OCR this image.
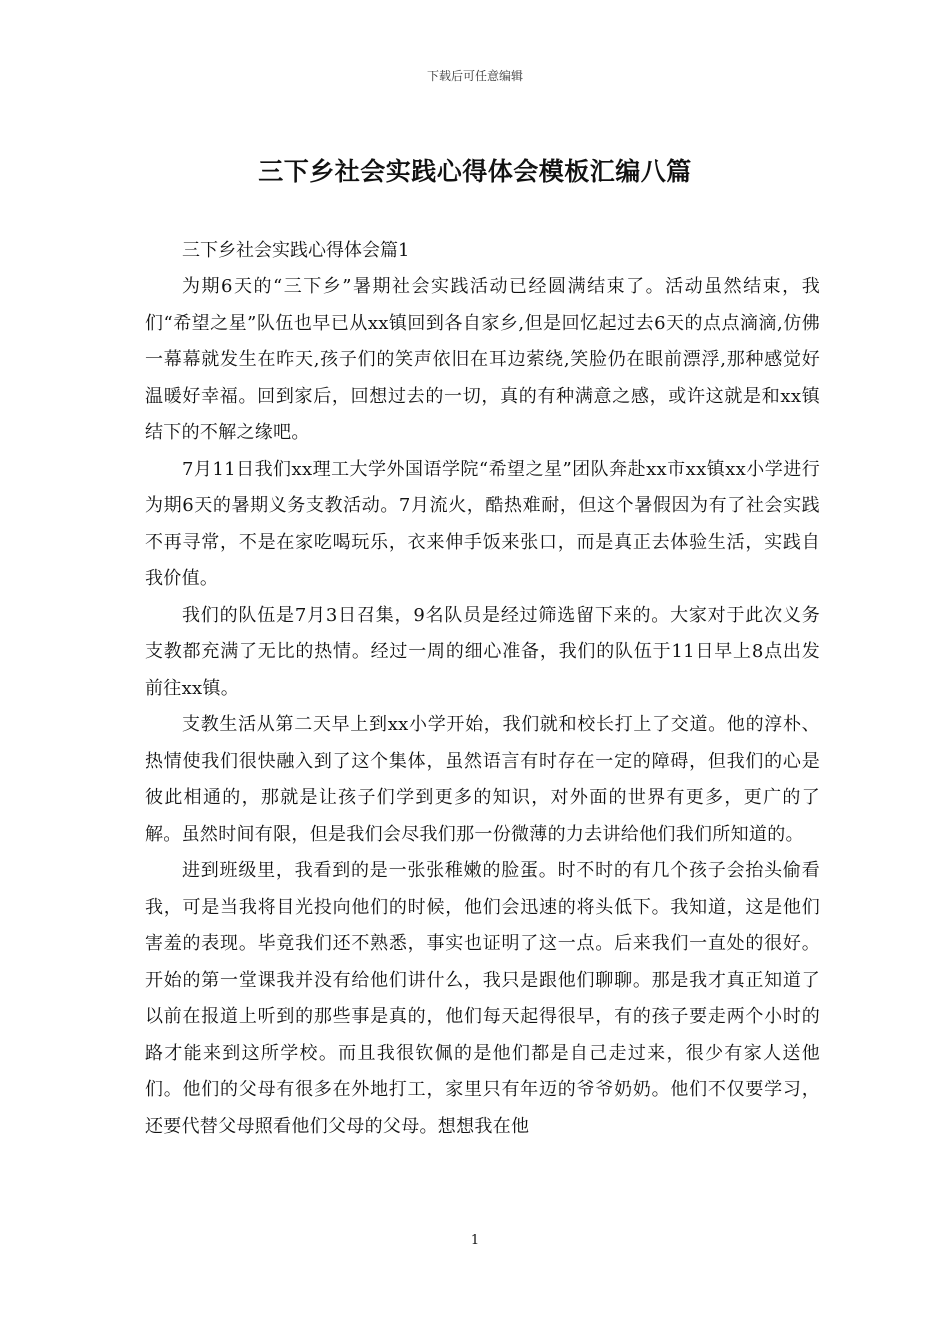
下载后可任意编辑
三下乡社会实践心得体会模板汇编八篇

三下乡社会实践心得体会篇1

为期6天的“三下乡”暑期社会实践活动已经圆满结束了。活动虽然结束，我们“希望之星”队伍也早已从xx镇回到各自家乡,但是回忆起过去6天的点点滴滴,仿佛一幕幕就发生在昨天,孩子们的笑声依旧在耳边萦绕,笑脸仍在眼前漂浮,那种感觉好温暖好幸福。回到家后，回想过去的一切，真的有种满意之感，或许这就是和xx镇结下的不解之缘吧。

7月11日我们xx理工大学外国语学院“希望之星”团队奔赴xx市xx镇xx小学进行为期6天的暑期义务支教活动。7月流火，酷热难耐，但这个暑假因为有了社会实践不再寻常，不是在家吃喝玩乐，衣来伸手饭来张口，而是真正去体验生活，实践自我价值。

我们的队伍是7月3日召集，9名队员是经过筛选留下来的。大家对于此次义务支教都充满了无比的热情。经过一周的细心准备，我们的队伍于11日早上8点出发前往xx镇。

支教生活从第二天早上到xx小学开始，我们就和校长打上了交道。他的淳朴、热情使我们很快融入到了这个集体，虽然语言有时存在一定的障碍，但我们的心是彼此相通的，那就是让孩子们学到更多的知识，对外面的世界有更多，更广的了解。虽然时间有限，但是我们会尽我们那一份微薄的力去讲给他们我们所知道的。

进到班级里，我看到的是一张张稚嫩的脸蛋。时不时的有几个孩子会抬头偷看我，可是当我将目光投向他们的时候，他们会迅速的将头低下。我知道，这是他们害羞的表现。毕竟我们还不熟悉，事实也证明了这一点。后来我们一直处的很好。开始的第一堂课我并没有给他们讲什么，我只是跟他们聊聊。那是我才真正知道了以前在报道上听到的那些事是真的，他们每天起得很早，有的孩子要走两个小时的路才能来到这所学校。而且我很钦佩的是他们都是自己走过来，很少有家人送他们。他们的父母有很多在外地打工，家里只有年迈的爷爷奶奶。他们不仅要学习，还要代替父母照看他们父母的父母。想想我在他

1
